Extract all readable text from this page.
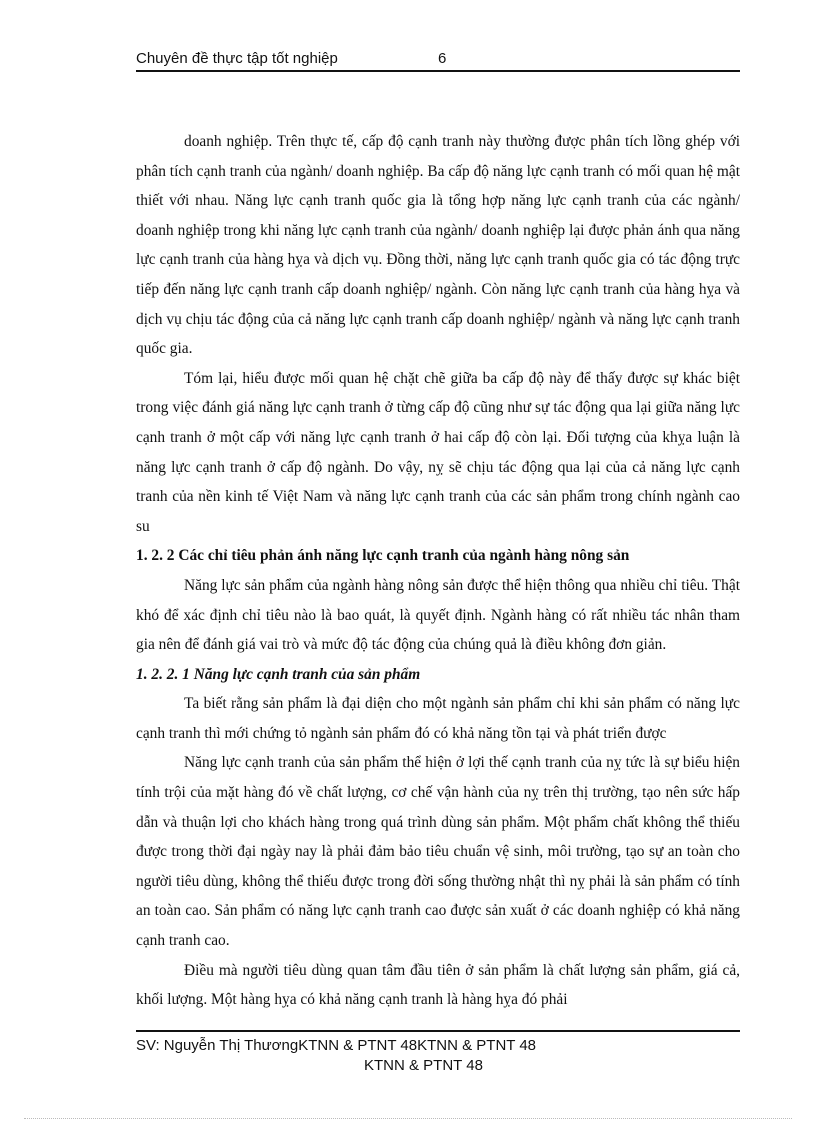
Chuyên đề thực tập tốt nghiệp	6

doanh nghiệp. Trên thực tế, cấp độ cạnh tranh này thường được phân tích lồng ghép với phân tích cạnh tranh của ngành/ doanh nghiệp. Ba cấp độ năng lực cạnh tranh có mối quan hệ mật thiết với nhau. Năng lực cạnh tranh quốc gia là tổng hợp năng lực cạnh tranh của các ngành/ doanh nghiệp trong khi năng lực cạnh tranh của ngành/ doanh nghiệp lại được phản ánh qua năng lực cạnh tranh của hàng hỵa và dịch vụ. Đồng thời, năng lực cạnh tranh quốc gia có tác động trực tiếp đến năng lực cạnh tranh cấp doanh nghiệp/ ngành. Còn năng lực cạnh tranh của hàng hỵa và dịch vụ chịu tác động của cả năng lực cạnh tranh cấp doanh nghiệp/ ngành và năng lực cạnh tranh quốc gia.

Tóm lại, hiểu được mối quan hệ chặt chẽ giữa ba cấp độ này để thấy được sự khác biệt trong việc đánh giá năng lực cạnh tranh ở từng cấp độ cũng như sự tác động qua lại giữa năng lực cạnh tranh ở một cấp với năng lực cạnh tranh ở hai cấp độ còn lại. Đối tượng của khỵa luận là năng lực cạnh tranh ở cấp độ ngành. Do vậy, nỵ sẽ chịu tác động qua lại của cả năng lực cạnh tranh của nền kinh tế Việt Nam và năng lực cạnh tranh của các sản phẩm trong chính ngành cao su

1. 2. 2 Các chỉ tiêu phản ánh năng lực cạnh tranh của ngành hàng nông sản

Năng lực sản phẩm của ngành hàng nông sản được thể hiện thông qua nhiều chỉ tiêu. Thật khó để xác định chỉ tiêu nào là bao quát, là quyết định. Ngành hàng có rất nhiều tác nhân tham gia nên để đánh giá vai trò và mức độ tác động của chúng quả là điều không đơn giản.

1. 2. 2. 1 Năng lực cạnh tranh của sản phẩm

Ta biết rằng sản phẩm là đại diện cho một ngành sản phẩm chỉ khi sản phẩm có năng lực cạnh tranh thì mới chứng tỏ ngành sản phẩm đó có khả năng tồn tại và phát triển được

Năng lực cạnh tranh của sản phẩm thể hiện ở lợi thế cạnh tranh của nỵ tức là sự biểu hiện tính trội của mặt hàng đó về chất lượng, cơ chế vận hành của nỵ trên thị trường, tạo nên sức hấp dẫn và thuận lợi cho khách hàng trong quá trình dùng sản phẩm. Một phẩm chất không thể thiếu được trong thời đại ngày nay là phải đảm bảo tiêu chuẩn vệ sinh, môi trường, tạo sự an toàn cho người tiêu dùng, không thể thiếu được trong đời sống thường nhật thì nỵ phải là sản phẩm có tính an toàn cao. Sản phẩm có năng lực cạnh tranh cao được sản xuất ở các doanh nghiệp có khả năng cạnh tranh cao.

Điều mà người tiêu dùng quan tâm đầu tiên ở sản phẩm là chất lượng sản phẩm, giá cả, khối lượng. Một hàng hỵa có khả năng cạnh tranh là hàng hỵa đó phải

SV: Nguyễn Thị ThươngKTNN & PTNT 48KTNN & PTNT 48
KTNN & PTNT 48
